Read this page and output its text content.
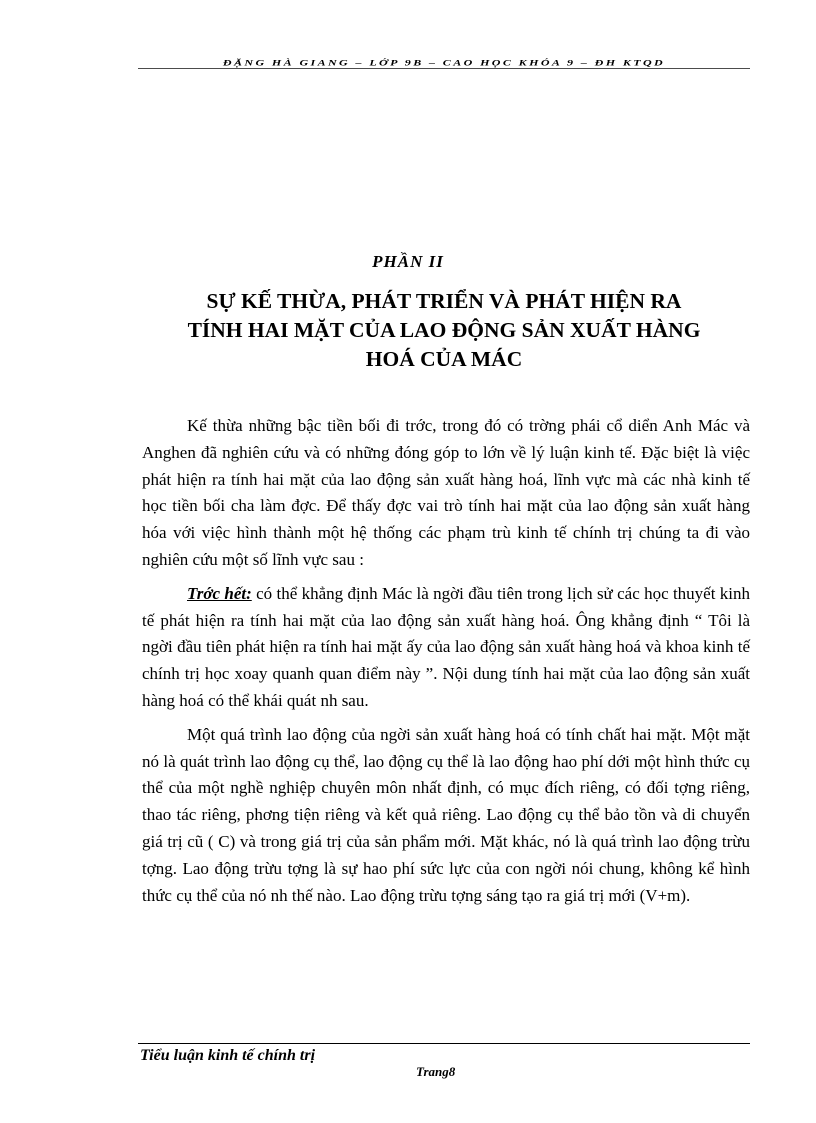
ĐẶNG HÀ GIANG – LỚP 9B – CAO HỌC KHÓA 9 – ĐH KTQD
PHẦN II
SỰ KẾ THỪA, PHÁT TRIỂN VÀ PHÁT HIỆN RA
TÍNH HAI MẶT CỦA LAO ĐỘNG SẢN XUẤT HÀNG
HOÁ CỦA MÁC

Kế thừa những bậc tiền bối đi trớc, trong đó có trờng phái cổ diển Anh Mác và Anghen đã nghiên cứu và có những đóng góp to lớn về lý luận kinh tế. Đặc biệt là việc phát hiện ra tính hai mặt của lao động sản xuất hàng hoá, lĩnh vực mà các nhà kinh tế học tiền bối cha làm đợc. Để thấy đợc vai trò tính hai mặt của lao động sản xuất hàng hóa với việc hình thành một hệ thống các phạm trù kinh tế chính trị chúng ta đi vào nghiên cứu một số lĩnh vực sau :

Trớc hết: có thể khẳng định Mác là ngời đầu tiên trong lịch sử các học thuyết kinh tế phát hiện ra tính hai mặt của lao động sản xuất hàng hoá. Ông khẳng định “ Tôi là ngời đầu tiên phát hiện ra tính hai mặt ấy của lao động sản xuất hàng hoá và khoa kinh tế chính trị học xoay quanh quan điểm này ”. Nội dung tính hai mặt của lao động sản xuất hàng hoá có thể khái quát nh sau.

Một quá trình lao động của ngời sản xuất hàng hoá có tính chất hai mặt. Một mặt nó là quát trình lao động cụ thể, lao động cụ thể là lao động hao phí dới một hình thức cụ thể của một nghề nghiệp chuyên môn nhất định, có mục đích riêng, có đối tợng riêng, thao tác riêng, phơng tiện riêng và kết quả riêng. Lao động cụ thể bảo tồn và di chuyển giá trị cũ ( C) và trong giá trị của sản phẩm mới. Mặt khác, nó là quá trình lao động trừu tợng. Lao động trừu tợng là sự hao phí sức lực của con ngời nói chung, không kể hình thức cụ thể của nó nh thế nào. Lao động trừu tợng sáng tạo ra giá trị mới (V+m).

Tiểu luận kinh tế chính trị
Trang8
